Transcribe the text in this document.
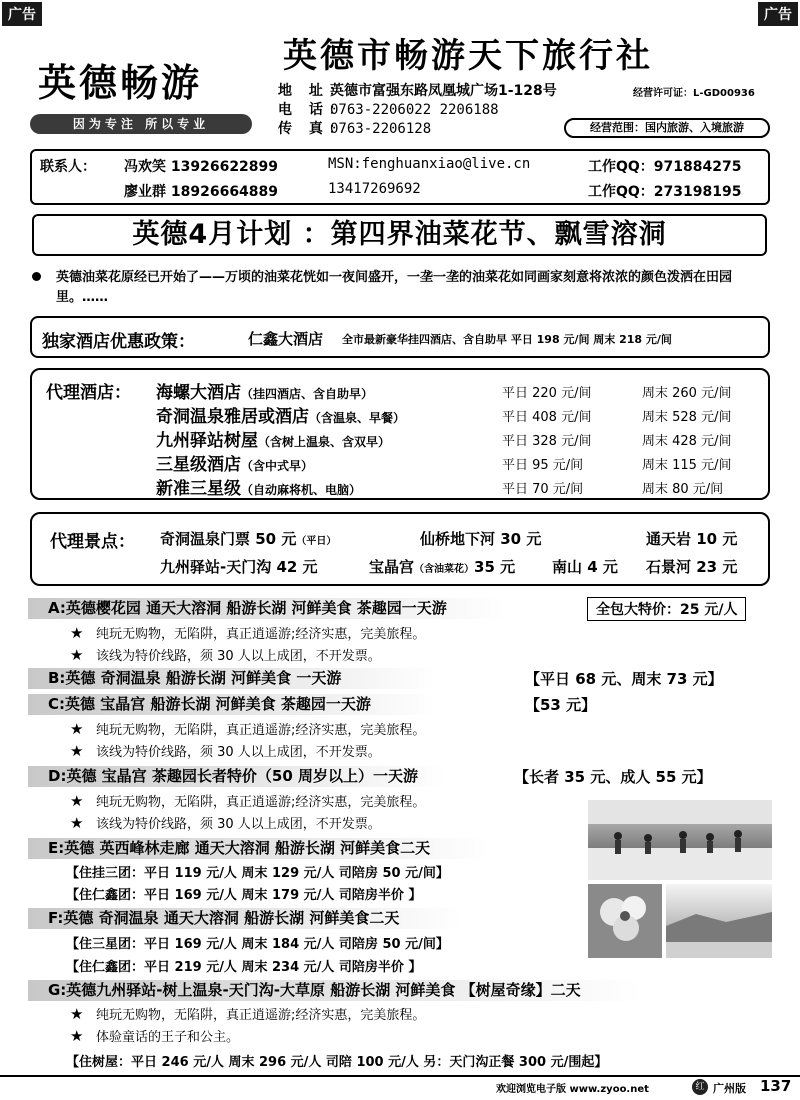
广告	广告
英德畅游
因为专注 所以专业
英德市畅游天下旅行社
地 址：英德市富强东路凤凰城广场1-128号	经营许可证：L-GD00936
电 话：0763-2206022 2206188
传 真：0763-2206128	经营范围：国内旅游、入境旅游
联系人： 冯欢笑 13926622899	MSN:fenghuanxiao@live.cn	工作QQ：971884275
廖业群 18926664889	13417269692	工作QQ：273198195
英德4月计划 ：第四界油菜花节、飘雪溶洞
英德油菜花原经已开始了——万顷的油菜花恍如一夜间盛开，一垄一垄的油菜花如同画家刻意将浓浓的颜色泼洒在田园里。……
独家酒店优惠政策：	仁鑫大酒店 全市最新豪华挂四酒店、含自助早 平日 198 元/间 周末 218 元/间
代理酒店： 海螺大酒店（挂四酒店、含自助早）	平日 220 元/间	周末 260 元/间
奇洞温泉雅居或酒店（含温泉、早餐）	平日 408 元/间	周末 528 元/间
九州驿站树屋（含树上温泉、含双早）	平日 328 元/间	周末 428 元/间
三星级酒店（含中式早）	平日 95 元/间	周末 115 元/间
新准三星级（自动麻将机、电脑）	平日 70 元/间	周末 80 元/间
代理景点： 奇洞温泉门票 50 元（平日）	仙桥地下河 30 元	通天岩 10 元
九州驿站-天门沟 42 元	宝晶宫（含油菜花）35 元 南山 4 元 石景河 23 元
A:英德樱花园 通天大溶洞 船游长湖 河鲜美食 茶趣园一天游	全包大特价：25 元/人
★ 纯玩无购物，无陷阱，真正逍遥游;经济实惠，完美旅程。
★ 该线为特价线路，须 30 人以上成团，不开发票。
B:英德 奇洞温泉 船游长湖 河鲜美食 一天游	【平日 68 元、周末 73 元】
C:英德 宝晶宫 船游长湖 河鲜美食 茶趣园一天游	【53 元】
★ 纯玩无购物，无陷阱，真正逍遥游;经济实惠，完美旅程。
★ 该线为特价线路，须 30 人以上成团，不开发票。
D:英德 宝晶宫 茶趣园长者特价（50 周岁以上）一天游	【长者 35 元、成人 55 元】
★ 纯玩无购物，无陷阱，真正逍遥游;经济实惠，完美旅程。
★ 该线为特价线路，须 30 人以上成团，不开发票。
E:英德 英西峰林走廊 通天大溶洞 船游长湖 河鲜美食二天
【住挂三团：平日 119 元/人 周末 129 元/人 司陪房 50 元/间】
【住仁鑫团：平日 169 元/人 周末 179 元/人 司陪房半价 】
F:英德 奇洞温泉 通天大溶洞 船游长湖 河鲜美食二天
【住三星团：平日 169 元/人 周末 184 元/人 司陪房 50 元/间】
【住仁鑫团：平日 219 元/人 周末 234 元/人 司陪房半价 】
G:英德九州驿站-树上温泉-天门沟-大草原 船游长湖 河鲜美食 【树屋奇缘】二天
★ 纯玩无购物，无陷阱，真正逍遥游;经济实惠，完美旅程。
★ 体验童话的王子和公主。
【住树屋：平日 246 元/人 周末 296 元/人 司陪 100 元/人 另：天门沟正餐 300 元/围起】
欢迎浏览电子版 www.zyoo.net	红 广州版 137
